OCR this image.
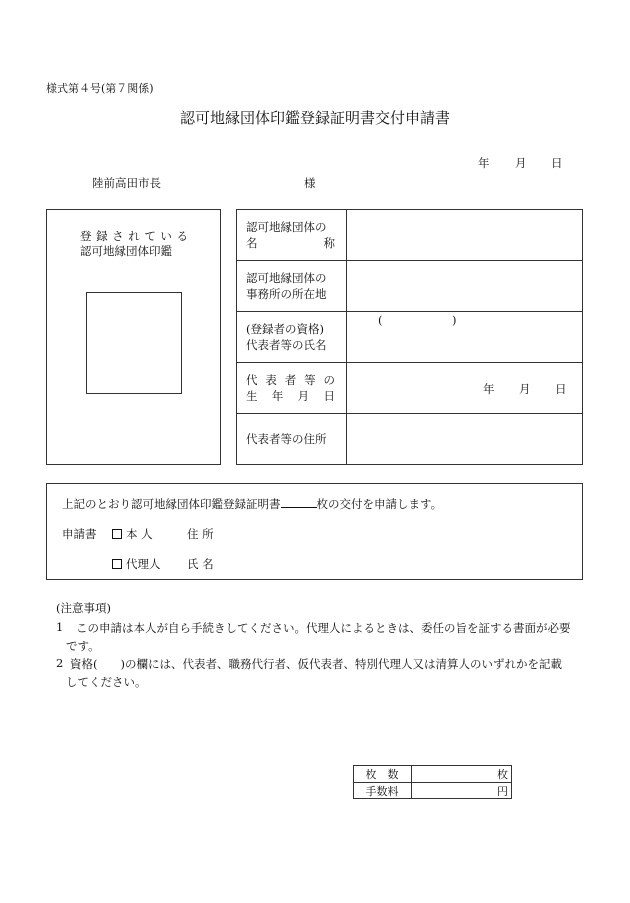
様式第４号(第７関係)
認可地縁団体印鑑登録証明書交付申請書
年 月 日
陸前高田市長	様
登 録 さ れ て い る
認可地縁団体印鑑
認可地縁団体の
名	称
認可地縁団体の
事務所の所在地
(登録者の資格)
代表者等の氏名
(	)
代 表 者 等 の
生 年 月 日	年 月 日
代表者等の住所
上記のとおり認可地縁団体印鑑登録証明書	枚の交付を申請します。
申請書	本 人	住 所
代理人 氏 名
(注意事項)
1 この申請は本人が自ら手続きしてください。代理人によるときは、委任の旨を証する書面が必要
です。
2 資格(　　)の欄には、代表者、職務代行者、仮代表者、特別代理人又は清算人のいずれかを記載
してください。
枚　数	枚
手数料	円
